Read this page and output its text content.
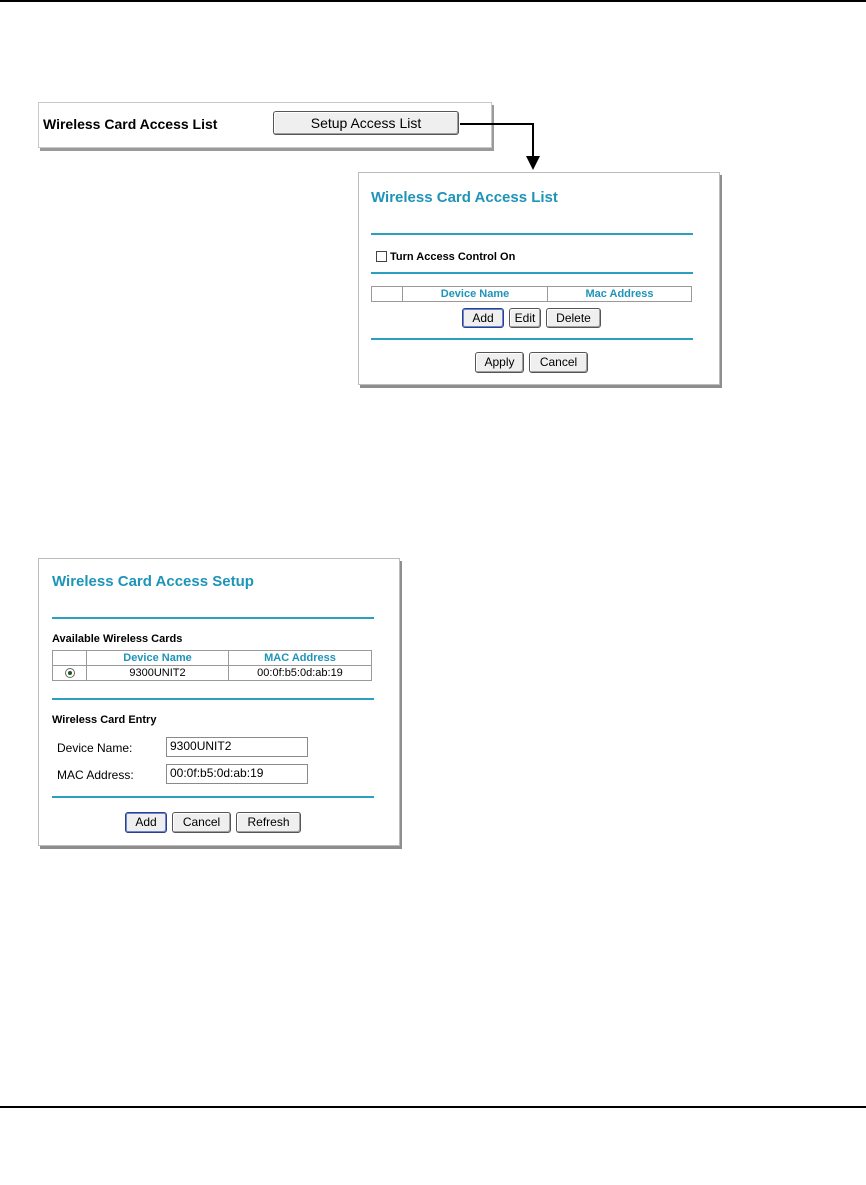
Wireless Card Access List	Setup Access List
Wireless Card Access List
Turn Access Control On
	Device Name	Mac Address
Add	Edit	Delete
Apply	Cancel
Wireless Card Access Setup
Available Wireless Cards
	Device Name	MAC Address
	9300UNIT2	00:0f:b5:0d:ab:19
Wireless Card Entry
Device Name:	9300UNIT2
MAC Address:	00:0f:b5:0d:ab:19
Add	Cancel	Refresh
